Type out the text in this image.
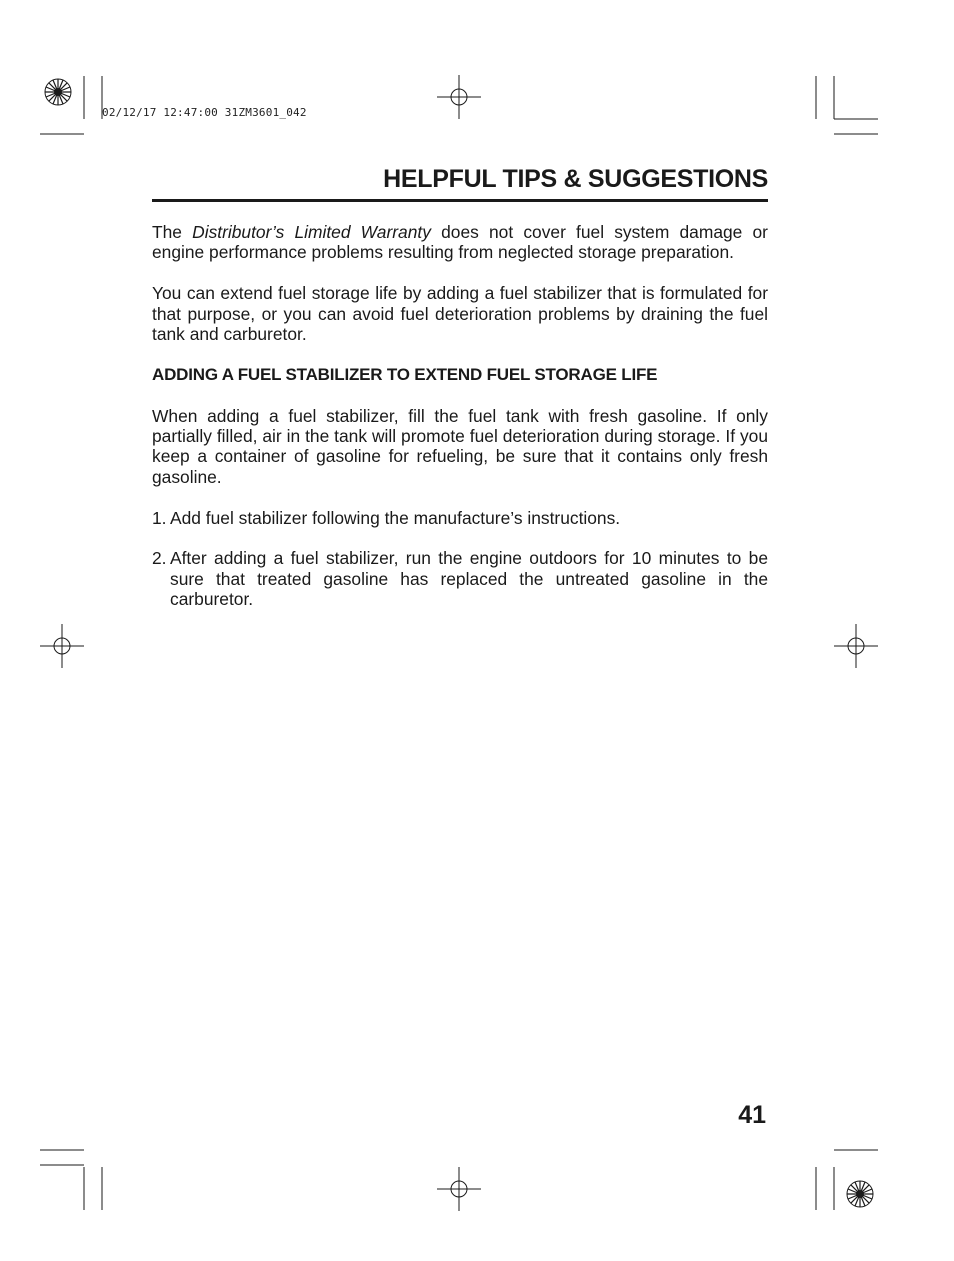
02/12/17 12:47:00 31ZM3601_042
HELPFUL TIPS & SUGGESTIONS

The Distributor’s Limited Warranty does not cover fuel system damage or engine performance problems resulting from neglected storage preparation.

You can extend fuel storage life by adding a fuel stabilizer that is formulated for that purpose, or you can avoid fuel deterioration problems by draining the fuel tank and carburetor.

ADDING A FUEL STABILIZER TO EXTEND FUEL STORAGE LIFE

When adding a fuel stabilizer, fill the fuel tank with fresh gasoline. If only partially filled, air in the tank will promote fuel deterioration during storage. If you keep a container of gasoline for refueling, be sure that it contains only fresh gasoline.

1. Add fuel stabilizer following the manufacture’s instructions.
2. After adding a fuel stabilizer, run the engine outdoors for 10 minutes to be sure that treated gasoline has replaced the untreated gasoline in the carburetor.
41
